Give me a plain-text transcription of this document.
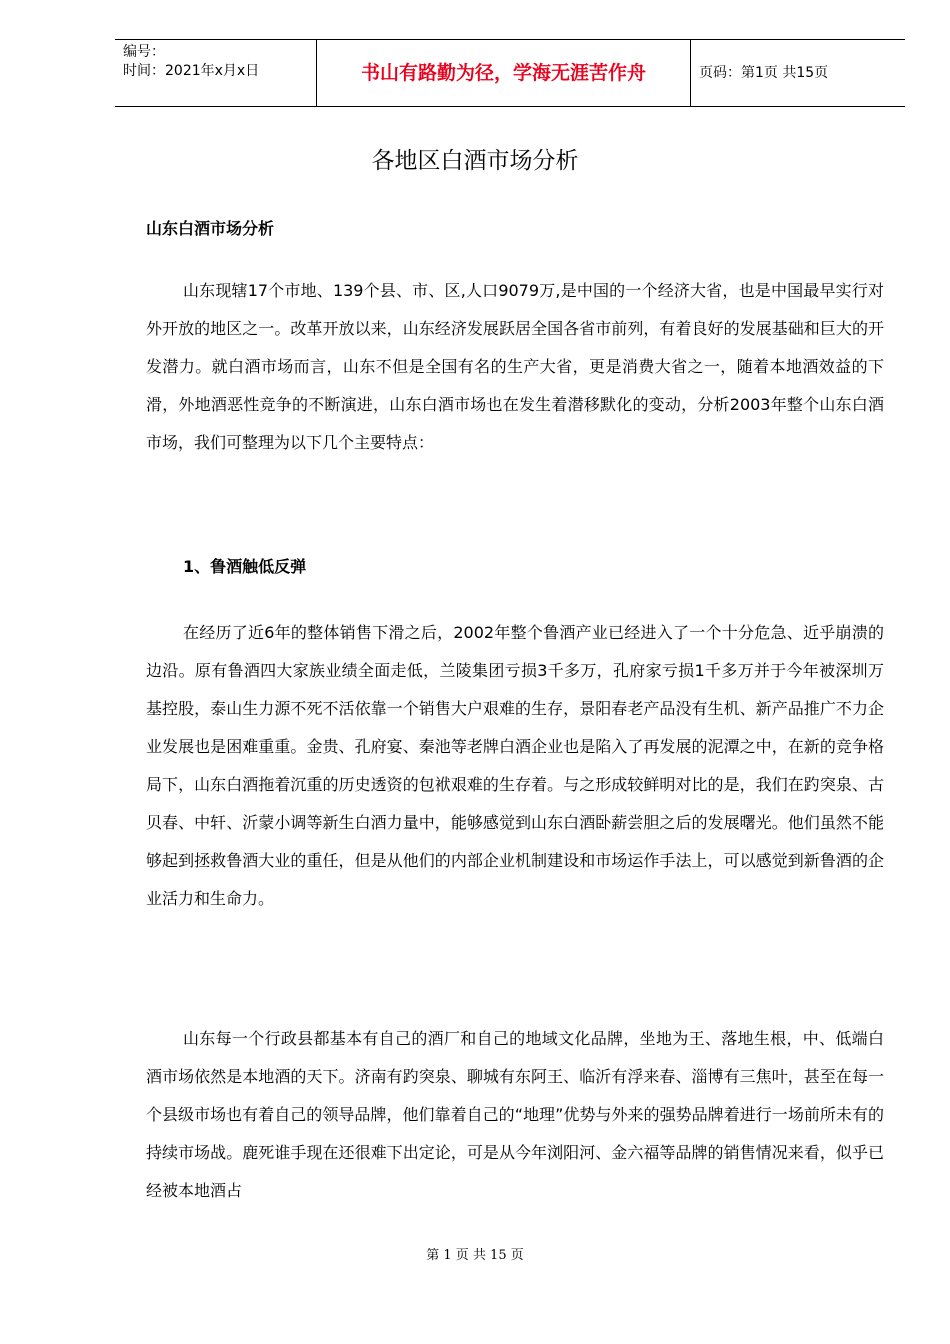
编号：
时间：2021年x月x日	书山有路勤为径，学海无涯苦作舟	页码：第1页 共15页
各地区白酒市场分析
山东白酒市场分析
山东现辖17个市地、139个县、市、区,人口9079万,是中国的一个经济大省，也是中国最早实行对外开放的地区之一。改革开放以来，山东经济发展跃居全国各省市前列，有着良好的发展基础和巨大的开发潜力。就白酒市场而言，山东不但是全国有名的生产大省，更是消费大省之一，随着本地酒效益的下滑，外地酒恶性竞争的不断演进，山东白酒市场也在发生着潜移默化的变动，分析2003年整个山东白酒市场，我们可整理为以下几个主要特点：
1、鲁酒触低反弹
在经历了近6年的整体销售下滑之后，2002年整个鲁酒产业已经进入了一个十分危急、近乎崩溃的边沿。原有鲁酒四大家族业绩全面走低，兰陵集团亏损3千多万，孔府家亏损1千多万并于今年被深圳万基控股，泰山生力源不死不活依靠一个销售大户艰难的生存，景阳春老产品没有生机、新产品推广不力企业发展也是困难重重。金贵、孔府宴、秦池等老牌白酒企业也是陷入了再发展的泥潭之中，在新的竞争格局下，山东白酒拖着沉重的历史透资的包袱艰难的生存着。与之形成较鲜明对比的是，我们在趵突泉、古贝春、中轩、沂蒙小调等新生白酒力量中，能够感觉到山东白酒卧薪尝胆之后的发展曙光。他们虽然不能够起到拯救鲁酒大业的重任，但是从他们的内部企业机制建设和市场运作手法上，可以感觉到新鲁酒的企业活力和生命力。
山东每一个行政县都基本有自己的酒厂和自己的地域文化品牌，坐地为王、落地生根，中、低端白酒市场依然是本地酒的天下。济南有趵突泉、聊城有东阿王、临沂有浮来春、淄博有三焦叶，甚至在每一个县级市场也有着自己的领导品牌，他们靠着自己的“地理”优势与外来的强势品牌着进行一场前所未有的持续市场战。鹿死谁手现在还很难下出定论，可是从今年浏阳河、金六福等品牌的销售情况来看，似乎已经被本地酒占
第 1 页 共 15 页
